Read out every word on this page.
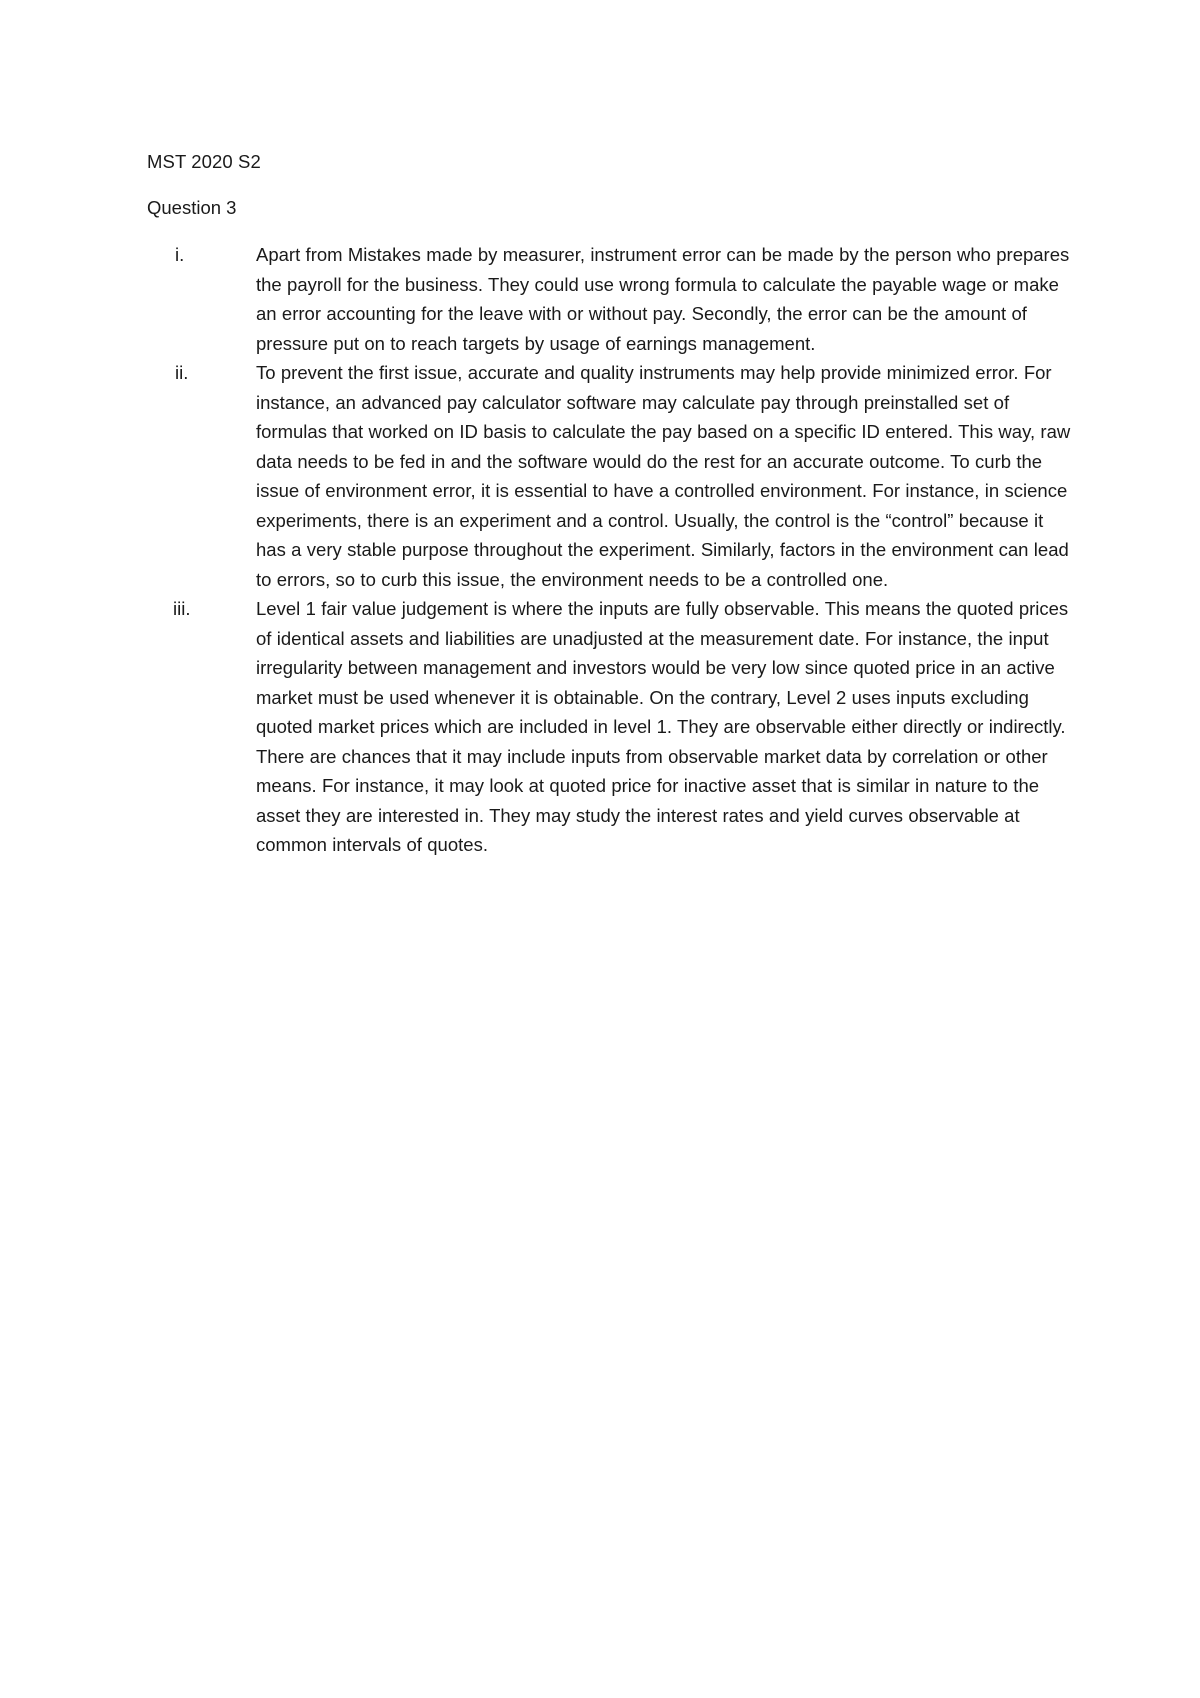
MST 2020 S2
Question 3
i.	Apart from Mistakes made by measurer, instrument error can be made by the person who prepares the payroll for the business. They could use wrong formula to calculate the payable wage or make an error accounting for the leave with or without pay. Secondly, the error can be the amount of pressure put on to reach targets by usage of earnings management.
ii.	To prevent the first issue, accurate and quality instruments may help provide minimized error. For instance, an advanced pay calculator software may calculate pay through preinstalled set of formulas that worked on ID basis to calculate the pay based on a specific ID entered. This way, raw data needs to be fed in and the software would do the rest for an accurate outcome. To curb the issue of environment error, it is essential to have a controlled environment. For instance, in science experiments, there is an experiment and a control. Usually, the control is the “control” because it has a very stable purpose throughout the experiment. Similarly, factors in the environment can lead to errors, so to curb this issue, the environment needs to be a controlled one.
iii.	Level 1 fair value judgement is where the inputs are fully observable. This means the quoted prices of identical assets and liabilities are unadjusted at the measurement date. For instance, the input irregularity between management and investors would be very low since quoted price in an active market must be used whenever it is obtainable. On the contrary, Level 2 uses inputs excluding quoted market prices which are included in level 1. They are observable either directly or indirectly. There are chances that it may include inputs from observable market data by correlation or other means. For instance, it may look at quoted price for inactive asset that is similar in nature to the asset they are interested in. They may study the interest rates and yield curves observable at common intervals of quotes.
